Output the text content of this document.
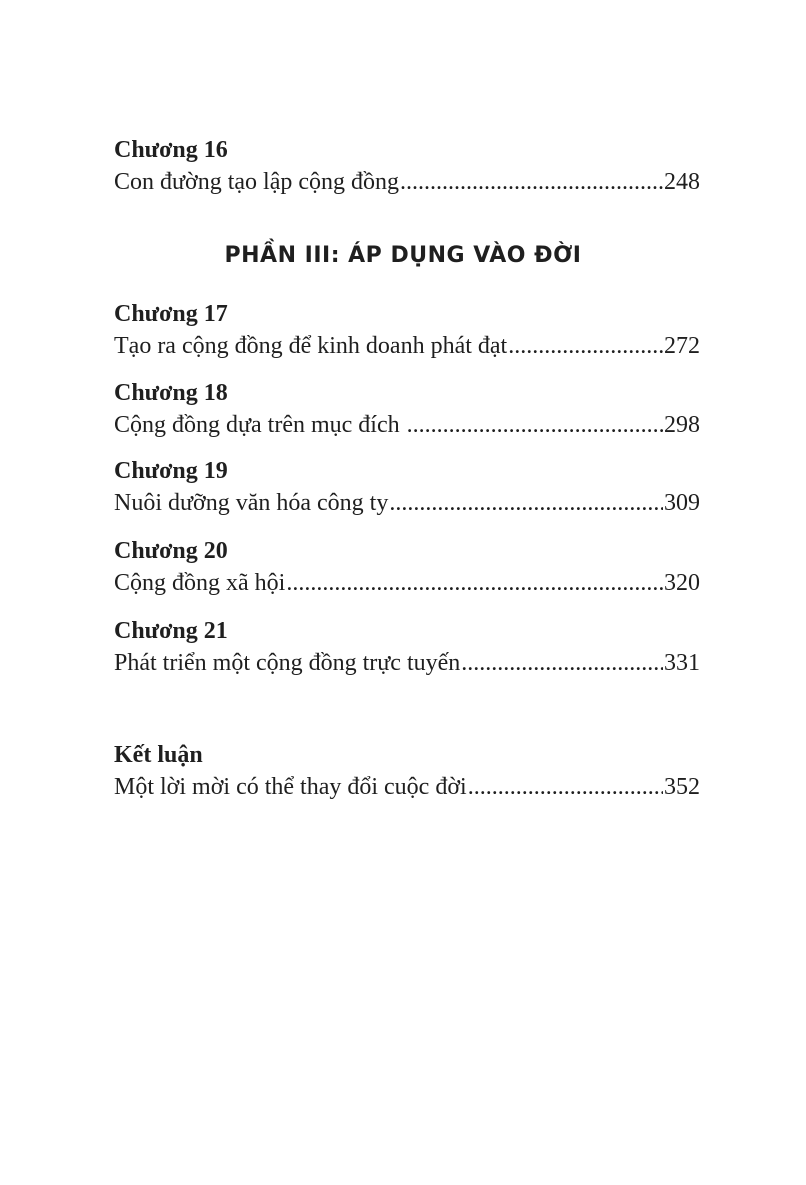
Chương 16
Con đường tạo lập cộng đồng .....	248
PHẦN III: ÁP DỤNG VÀO ĐỜI
Chương 17
Tạo ra cộng đồng để kinh doanh phát đạt .....	272
Chương 18
Cộng đồng dựa trên mục đích .....	298
Chương 19
Nuôi dưỡng văn hóa công ty .....	309
Chương 20
Cộng đồng xã hội .....	320
Chương 21
Phát triển một cộng đồng trực tuyến .....	331
Kết luận
Một lời mời có thể thay đổi cuộc đời .....	352
